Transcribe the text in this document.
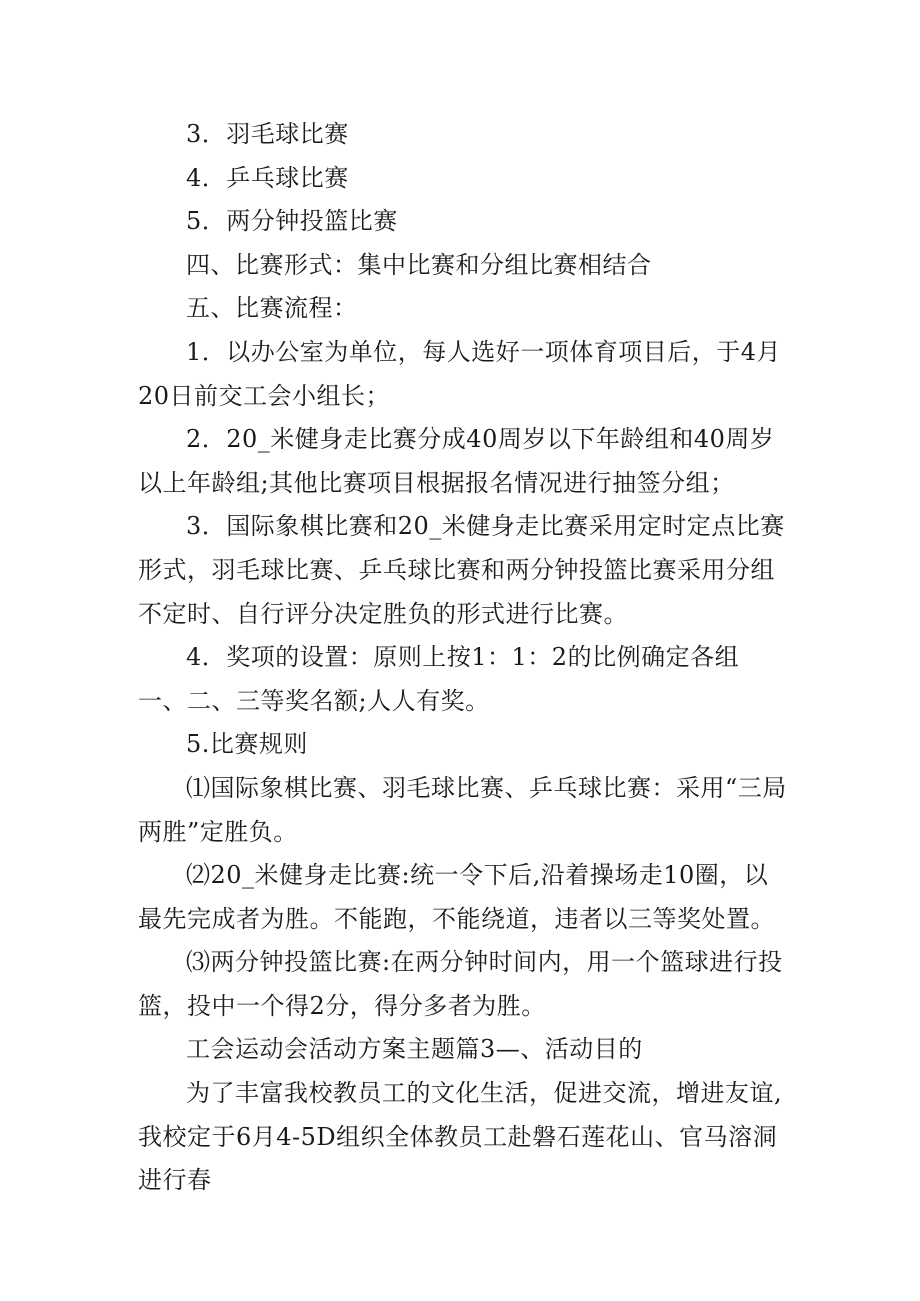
3．羽毛球比赛

4．乒乓球比赛

5．两分钟投篮比赛

四、比赛形式：集中比赛和分组比赛相结合

五、比赛流程：

1．以办公室为单位，每人选好一项体育项目后，于4月20日前交工会小组长；

2．20_米健身走比赛分成40周岁以下年龄组和40周岁以上年龄组;其他比赛项目根据报名情况进行抽签分组；

3．国际象棋比赛和20_米健身走比赛采用定时定点比赛形式，羽毛球比赛、乒乓球比赛和两分钟投篮比赛采用分组不定时、自行评分决定胜负的形式进行比赛。

4．奖项的设置：原则上按1：1：2的比例确定各组一、二、三等奖名额;人人有奖。

5.比赛规则

⑴国际象棋比赛、羽毛球比赛、乒乓球比赛：采用“三局两胜”定胜负。

⑵20_米健身走比赛:统一令下后,沿着操场走10圈，以最先完成者为胜。不能跑，不能绕道，违者以三等奖处置。

⑶两分钟投篮比赛:在两分钟时间内，用一个篮球进行投篮，投中一个得2分，得分多者为胜。

工会运动会活动方案主题篇3—、活动目的

为了丰富我校教员工的文化生活，促进交流，增进友谊,我校定于6月4-5D组织全体教员工赴磐石莲花山、官马溶洞进行春
